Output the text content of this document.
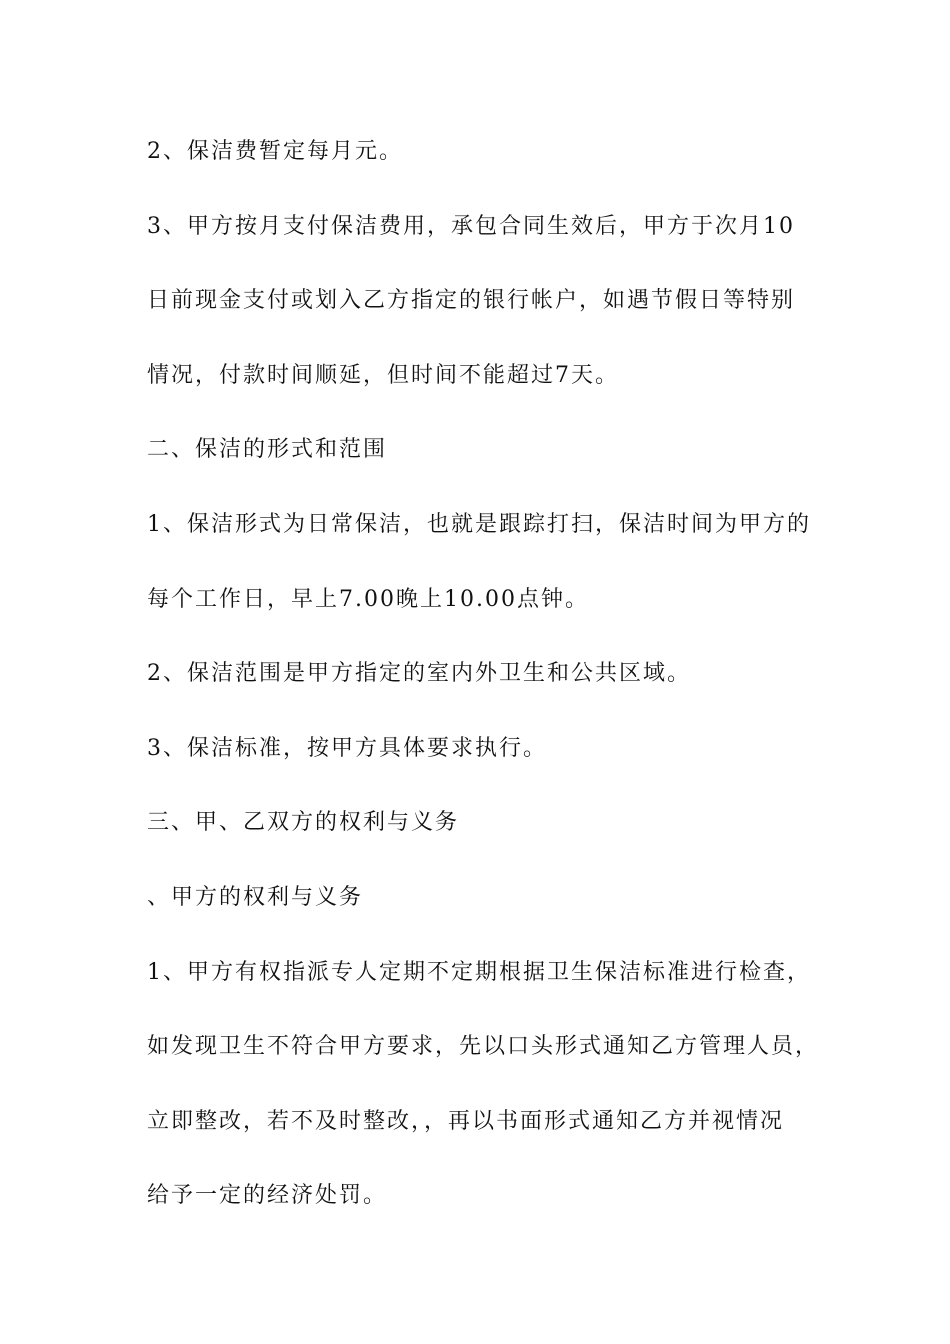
2、保洁费暂定每月元。

3、甲方按月支付保洁费用，承包合同生效后，甲方于次月10

日前现金支付或划入乙方指定的银行帐户，如遇节假日等特别

情况，付款时间顺延，但时间不能超过7天。

二、保洁的形式和范围

1、保洁形式为日常保洁，也就是跟踪打扫，保洁时间为甲方的

每个工作日，早上7.00晚上10.00点钟。

2、保洁范围是甲方指定的室内外卫生和公共区域。

3、保洁标准，按甲方具体要求执行。

三、甲、乙双方的权利与义务

、甲方的权利与义务

1、甲方有权指派专人定期不定期根据卫生保洁标准进行检查，

如发现卫生不符合甲方要求，先以口头形式通知乙方管理人员，

立即整改，若不及时整改，，再以书面形式通知乙方并视情况

给予一定的经济处罚。
